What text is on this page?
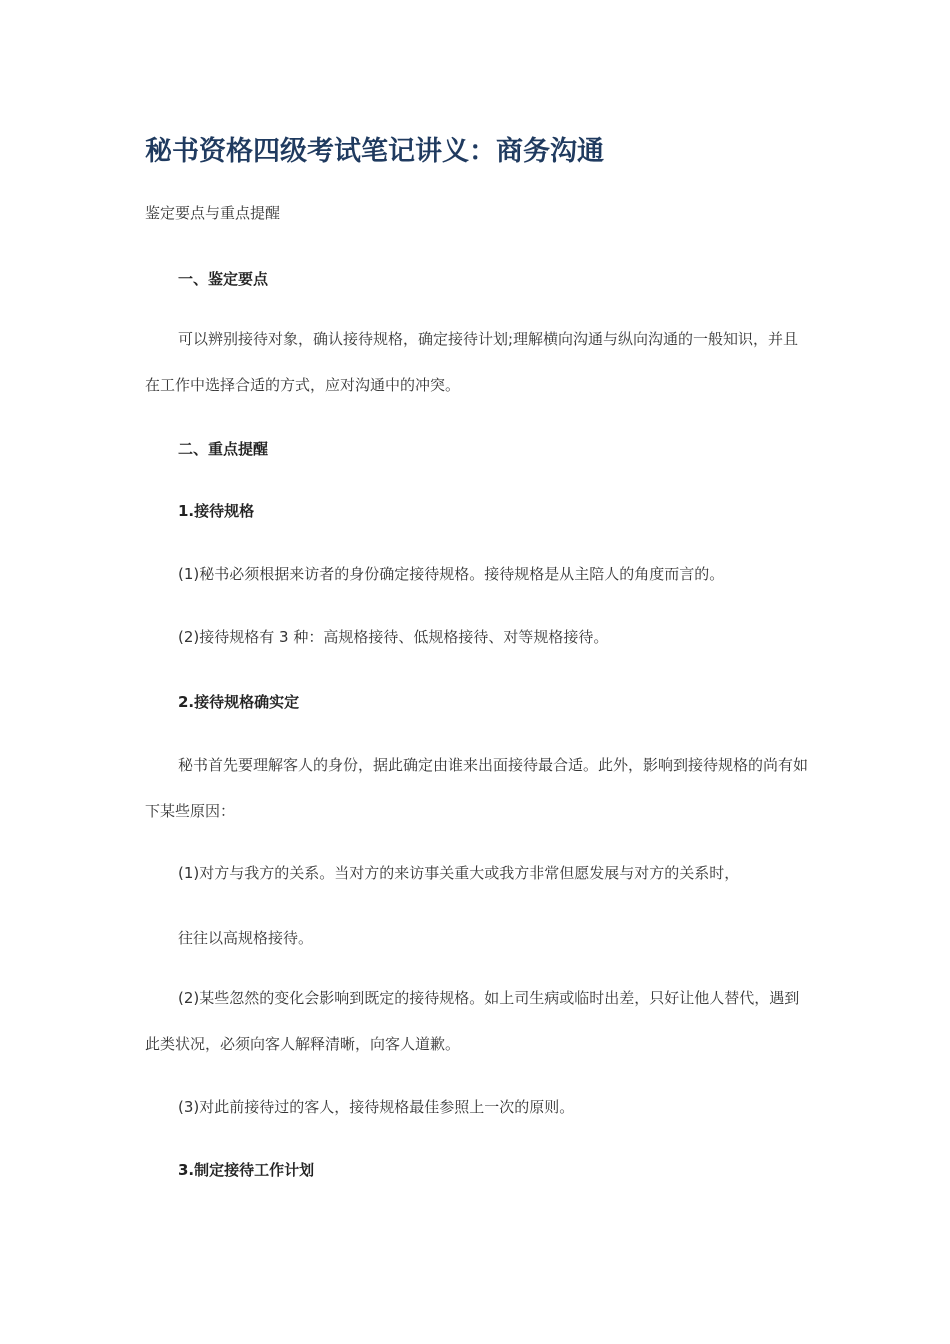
秘书资格四级考试笔记讲义：商务沟通

鉴定要点与重点提醒

一、鉴定要点

可以辨别接待对象，确认接待规格，确定接待计划;理解横向沟通与纵向沟通的一般知识，并且在工作中选择合适的方式，应对沟通中的冲突。

二、重点提醒

1.接待规格

(1)秘书必须根据来访者的身份确定接待规格。接待规格是从主陪人的角度而言的。

(2)接待规格有 3 种：高规格接待、低规格接待、对等规格接待。

2.接待规格确实定

秘书首先要理解客人的身份，据此确定由谁来出面接待最合适。此外，影响到接待规格的尚有如下某些原因：

(1)对方与我方的关系。当对方的来访事关重大或我方非常但愿发展与对方的关系时，

往往以高规格接待。

(2)某些忽然的变化会影响到既定的接待规格。如上司生病或临时出差，只好让他人替代，遇到此类状况，必须向客人解释清晰，向客人道歉。

(3)对此前接待过的客人，接待规格最佳参照上一次的原则。

3.制定接待工作计划
